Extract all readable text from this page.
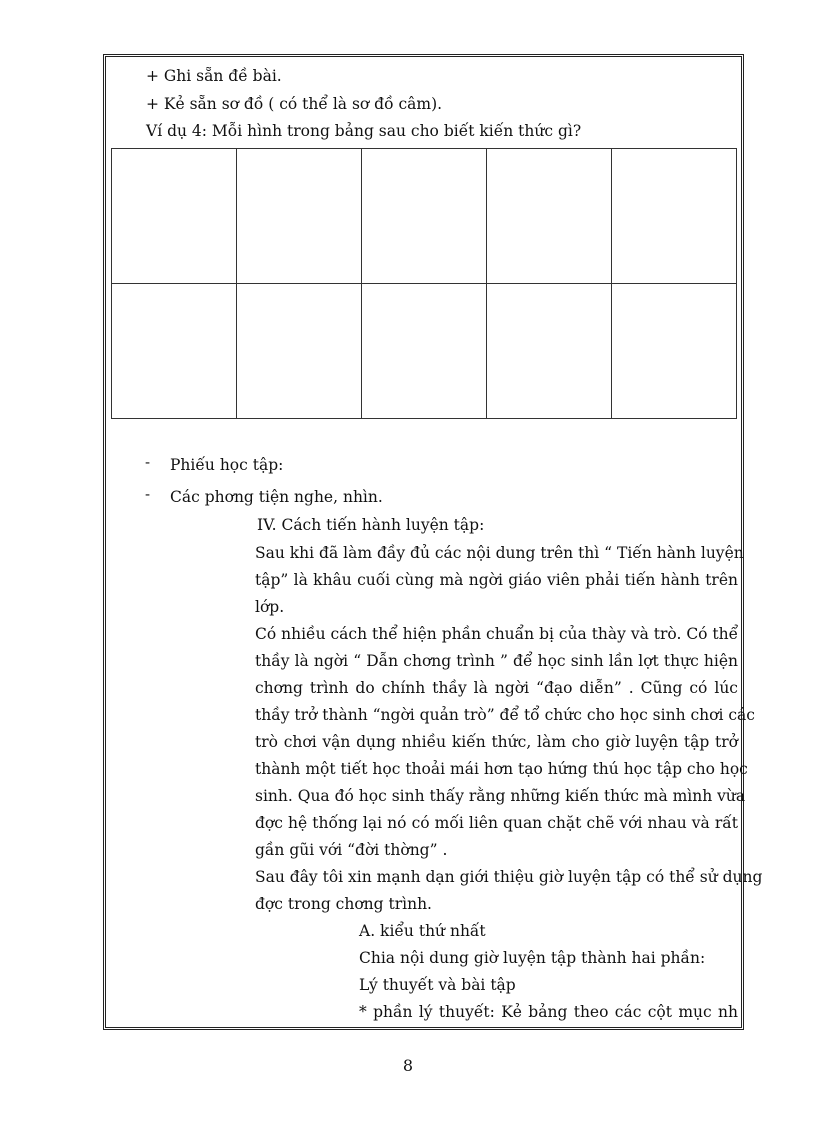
+ Ghi sẵn đề bài.
+ Kẻ sẵn sơ đồ ( có thể là sơ đồ câm).
Ví dụ 4: Mỗi hình trong bảng sau cho biết kiến thức gì?

- Phiếu học tập:
- Các phơng tiện nghe, nhìn.
IV. Cách tiến hành luyện tập:
Sau khi đã làm đầy đủ các nội dung trên thì “ Tiến hành luyện
tập” là khâu cuối cùng mà ngời giáo viên phải tiến hành trên
lớp.
Có nhiều cách thể hiện phần chuẩn bị của thày và trò. Có thể
thầy là ngời “ Dẫn chơng trình ” để học sinh lần lợt thực hiện
chơng trình do chính thầy là ngời “đạo diễn” . Cũng có lúc
thầy trở thành “ngời quản trò” để tổ chức cho học sinh chơi các
trò chơi vận dụng nhiều kiến thức, làm cho giờ luyện tập trở
thành một tiết học thoải mái hơn tạo hứng thú học tập cho học
sinh. Qua đó học sinh thấy rằng những kiến thức mà mình vừa
đợc hệ thống lại nó có mối liên quan chặt chẽ với nhau và rất
gần gũi với “đời thờng” .
Sau đây tôi xin mạnh dạn giới thiệu giờ luyện tập có thể sử dụng
đợc trong chơng trình.
A. kiểu thứ nhất
Chia nội dung giờ luyện tập thành hai phần:
Lý thuyết và bài tập
* phần lý thuyết: Kẻ bảng theo các cột mục nh
8
